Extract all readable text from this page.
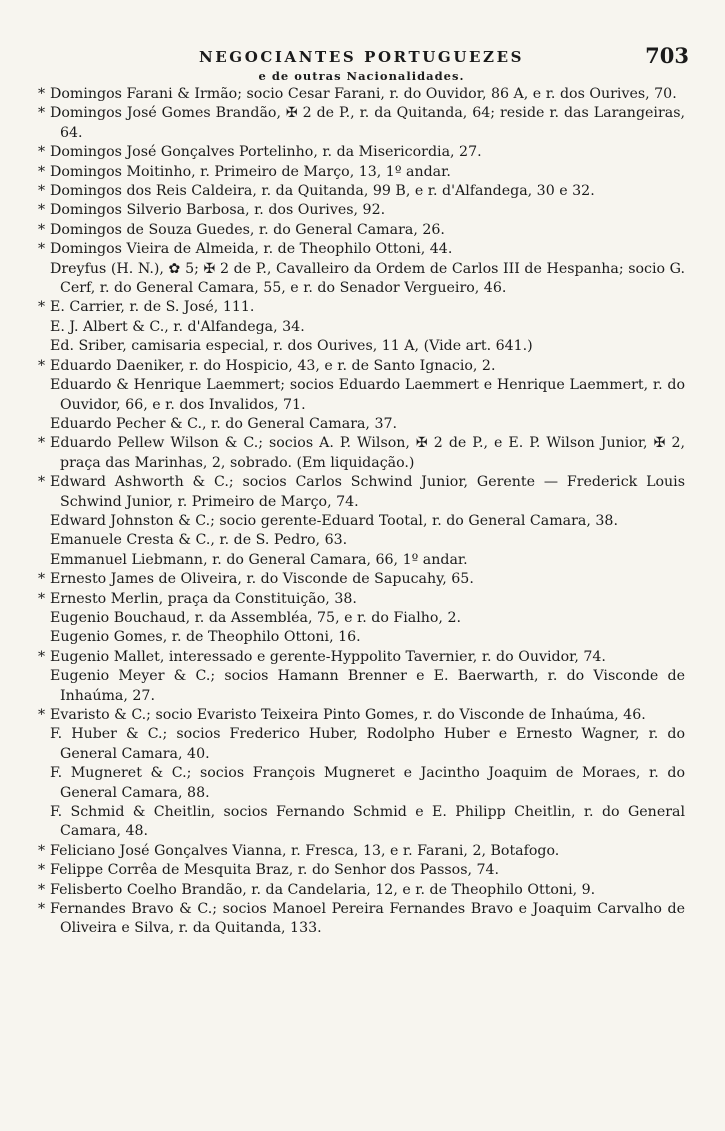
NEGOCIANTES PORTUGUEZES	703
e de outras Nacionalidades.
* Domingos Farani & Irmão; socio Cesar Farani, r. do Ouvidor, 86 A, e r. dos Ourives, 70.
* Domingos José Gomes Brandão, ✠ 2 de P., r. da Quitanda, 64; reside r. das Larangeiras, 64.
* Domingos José Gonçalves Portelinho, r. da Misericordia, 27.
* Domingos Moitinho, r. Primeiro de Março, 13, 1º andar.
* Domingos dos Reis Caldeira, r. da Quitanda, 99 B, e r. d'Alfandega, 30 e 32.
* Domingos Silverio Barbosa, r. dos Ourives, 92.
* Domingos de Souza Guedes, r. do General Camara, 26.
* Domingos Vieira de Almeida, r. de Theophilo Ottoni, 44.
Dreyfus (H. N.), ✿ 5; ✠ 2 de P., Cavalleiro da Ordem de Carlos III de Hespanha; socio G. Cerf, r. do General Camara, 55, e r. do Senador Vergueiro, 46.
* E. Carrier, r. de S. José, 111.
E. J. Albert & C., r. d'Alfandega, 34.
Ed. Sriber, camisaria especial, r. dos Ourives, 11 A, (Vide art. 641.)
* Eduardo Daeniker, r. do Hospicio, 43, e r. de Santo Ignacio, 2.
Eduardo & Henrique Laemmert; socios Eduardo Laemmert e Henrique Laemmert, r. do Ouvidor, 66, e r. dos Invalidos, 71.
Eduardo Pecher & C., r. do General Camara, 37.
* Eduardo Pellew Wilson & C.; socios A. P. Wilson, ✠ 2 de P., e E. P. Wilson Junior, ✠ 2, praça das Marinhas, 2, sobrado. (Em liquidação.)
* Edward Ashworth & C.; socios Carlos Schwind Junior, Gerente — Frederick Louis Schwind Junior, r. Primeiro de Março, 74.
Edward Johnston & C.; socio gerente-Eduard Tootal, r. do General Camara, 38.
Emanuele Cresta & C., r. de S. Pedro, 63.
Emmanuel Liebmann, r. do General Camara, 66, 1º andar.
* Ernesto James de Oliveira, r. do Visconde de Sapucahy, 65.
* Ernesto Merlin, praça da Constituição, 38.
Eugenio Bouchaud, r. da Assembléa, 75, e r. do Fialho, 2.
Eugenio Gomes, r. de Theophilo Ottoni, 16.
* Eugenio Mallet, interessado e gerente-Hyppolito Tavernier, r. do Ouvidor, 74.
Eugenio Meyer & C.; socios Hamann Brenner e E. Baerwarth, r. do Visconde de Inhaúma, 27.
* Evaristo & C.; socio Evaristo Teixeira Pinto Gomes, r. do Visconde de Inhaúma, 46.
F. Huber & C.; socios Frederico Huber, Rodolpho Huber e Ernesto Wagner, r. do General Camara, 40.
F. Mugneret & C.; socios François Mugneret e Jacintho Joaquim de Moraes, r. do General Camara, 88.
F. Schmid & Cheitlin, socios Fernando Schmid e E. Philipp Cheitlin, r. do General Camara, 48.
* Feliciano José Gonçalves Vianna, r. Fresca, 13, e r. Farani, 2, Botafogo.
* Felippe Corrêa de Mesquita Braz, r. do Senhor dos Passos, 74.
* Felisberto Coelho Brandão, r. da Candelaria, 12, e r. de Theophilo Ottoni, 9.
* Fernandes Bravo & C.; socios Manoel Pereira Fernandes Bravo e Joaquim Carvalho de Oliveira e Silva, r. da Quitanda, 133.
